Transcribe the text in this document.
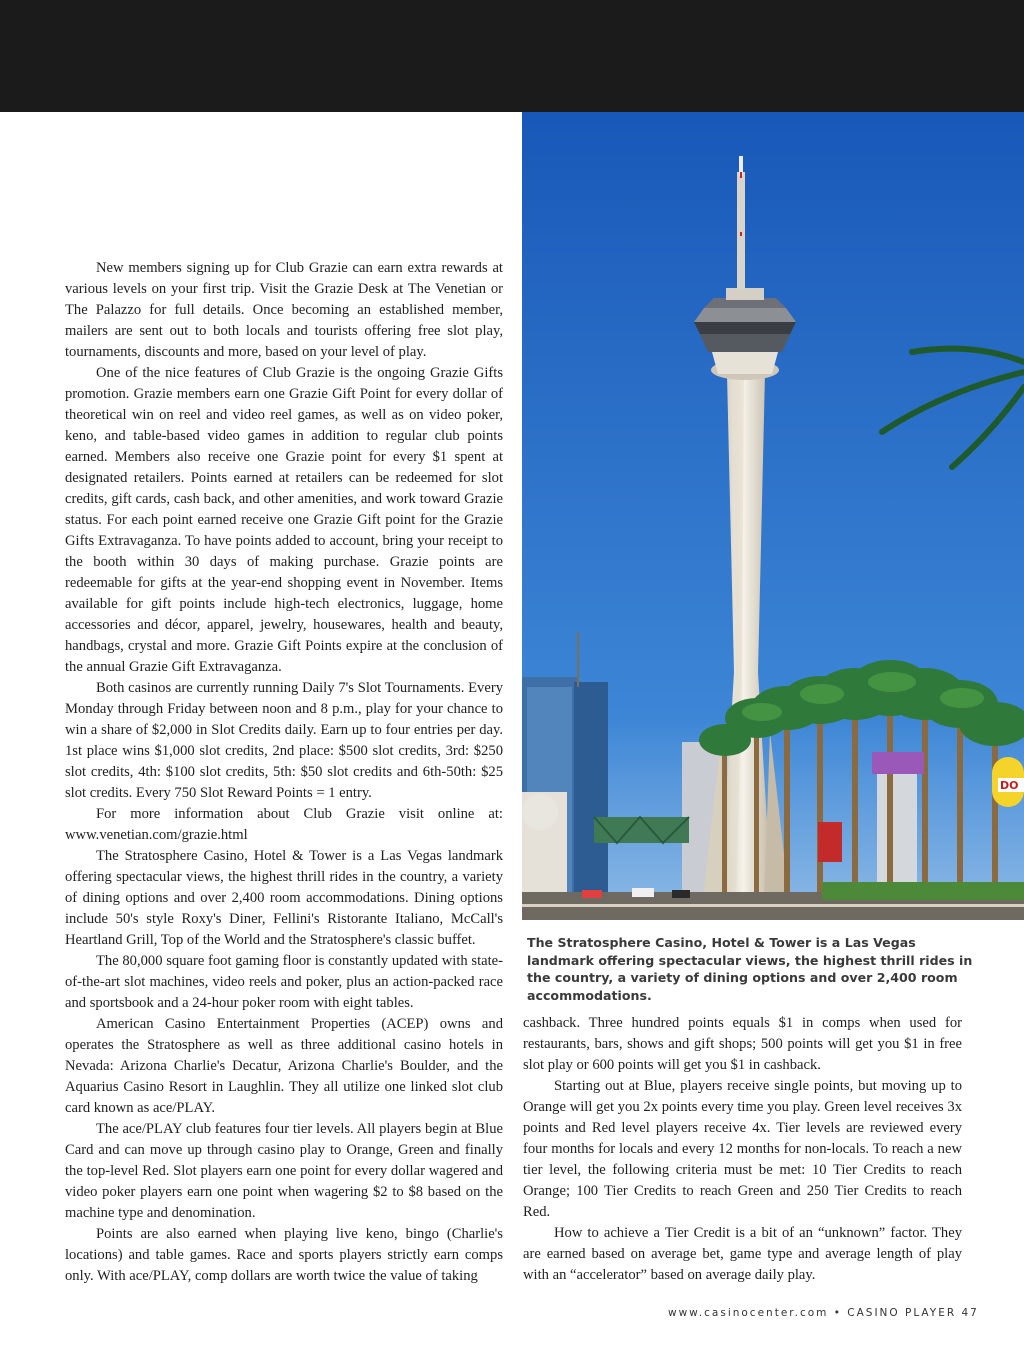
New members signing up for Club Grazie can earn extra rewards at various levels on your first trip. Visit the Grazie Desk at The Venetian or The Palazzo for full details. Once becoming an established member, mailers are sent out to both locals and tourists offering free slot play, tournaments, discounts and more, based on your level of play.

One of the nice features of Club Grazie is the ongoing Grazie Gifts promotion. Grazie members earn one Grazie Gift Point for every dollar of theoretical win on reel and video reel games, as well as on video poker, keno, and table-based video games in addition to regular club points earned. Members also receive one Grazie point for every $1 spent at designated retailers. Points earned at retailers can be redeemed for slot credits, gift cards, cash back, and other amenities, and work toward Grazie status. For each point earned receive one Grazie Gift point for the Grazie Gifts Extravaganza. To have points added to account, bring your receipt to the booth within 30 days of making purchase. Grazie points are redeemable for gifts at the year-end shopping event in November. Items available for gift points include high-tech electronics, luggage, home accessories and décor, apparel, jewelry, housewares, health and beauty, handbags, crystal and more. Grazie Gift Points expire at the conclusion of the annual Grazie Gift Extravaganza.

Both casinos are currently running Daily 7's Slot Tournaments. Every Monday through Friday between noon and 8 p.m., play for your chance to win a share of $2,000 in Slot Credits daily. Earn up to four entries per day. 1st place wins $1,000 slot credits, 2nd place: $500 slot credits, 3rd: $250 slot credits, 4th: $100 slot credits, 5th: $50 slot credits and 6th-50th: $25 slot credits. Every 750 Slot Reward Points = 1 entry.

For more information about Club Grazie visit online at: www.venetian.com/grazie.html

The Stratosphere Casino, Hotel & Tower is a Las Vegas landmark offering spectacular views, the highest thrill rides in the country, a variety of dining options and over 2,400 room accommodations. Dining options include 50's style Roxy's Diner, Fellini's Ristorante Italiano, McCall's Heartland Grill, Top of the World and the Stratosphere's classic buffet.

The 80,000 square foot gaming floor is constantly updated with state-of-the-art slot machines, video reels and poker, plus an action-packed race and sportsbook and a 24-hour poker room with eight tables.

American Casino Entertainment Properties (ACEP) owns and operates the Stratosphere as well as three additional casino hotels in Nevada: Arizona Charlie's Decatur, Arizona Charlie's Boulder, and the Aquarius Casino Resort in Laughlin. They all utilize one linked slot club card known as ace/PLAY.

The ace/PLAY club features four tier levels. All players begin at Blue Card and can move up through casino play to Orange, Green and finally the top-level Red. Slot players earn one point for every dollar wagered and video poker players earn one point when wagering $2 to $8 based on the machine type and denomination.

Points are also earned when playing live keno, bingo (Charlie's locations) and table games. Race and sports players strictly earn comps only. With ace/PLAY, comp dollars are worth twice the value of taking

DO
The Stratosphere Casino, Hotel & Tower is a Las Vegas landmark offering spectacular views, the highest thrill rides in the country, a variety of dining options and over 2,400 room accommodations.

cashback. Three hundred points equals $1 in comps when used for restaurants, bars, shows and gift shops; 500 points will get you $1 in free slot play or 600 points will get you $1 in cashback.

Starting out at Blue, players receive single points, but moving up to Orange will get you 2x points every time you play. Green level receives 3x points and Red level players receive 4x. Tier levels are reviewed every four months for locals and every 12 months for non-locals. To reach a new tier level, the following criteria must be met: 10 Tier Credits to reach Orange; 100 Tier Credits to reach Green and 250 Tier Credits to reach Red.

How to achieve a Tier Credit is a bit of an “unknown” factor. They are earned based on average bet, game type and average length of play with an “accelerator” based on average daily play.

www.casinocenter.com • CASINO PLAYER 47
